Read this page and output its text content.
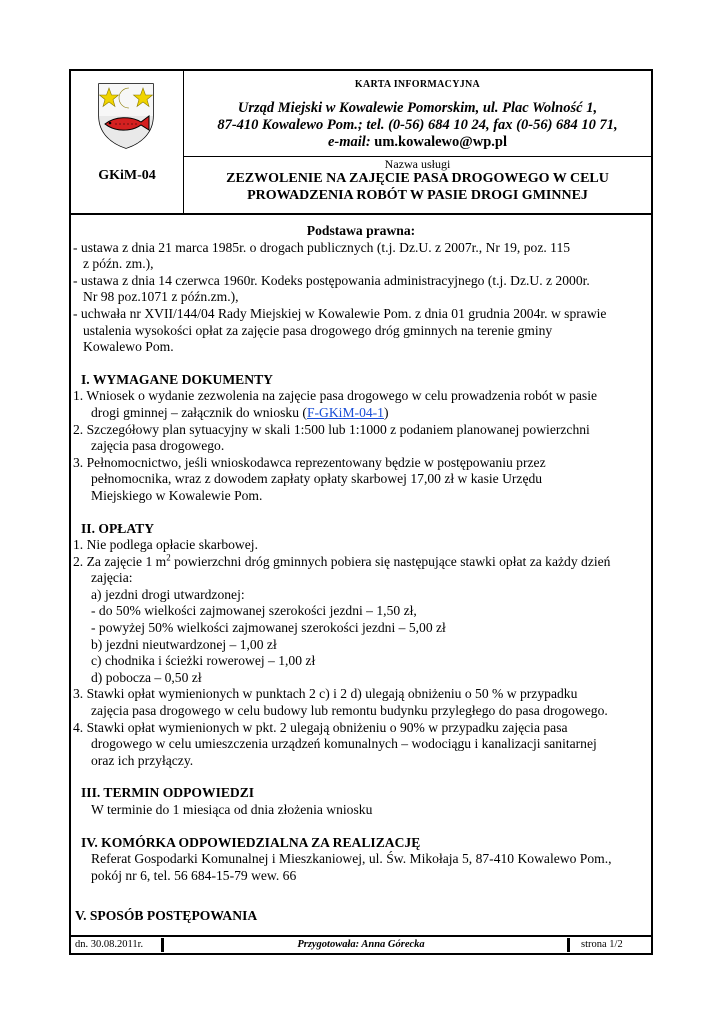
KARTA INFORMACYJNA
Urząd Miejski w Kowalewie Pomorskim, ul. Plac Wolność 1,
87-410 Kowalewo Pom.; tel. (0-56) 684 10 24, fax (0-56) 684 10 71,
e-mail: um.kowalewo@wp.pl
GKiM-04
Nazwa usługi
ZEZWOLENIE NA ZAJĘCIE PASA DROGOWEGO W CELU
PROWADZENIA ROBÓT W PASIE DROGI GMINNEJ

Podstawa prawna:

- ustawa z dnia 21 marca 1985r. o drogach publicznych (t.j. Dz.U. z 2007r., Nr 19, poz. 115

z późn. zm.),

- ustawa z dnia 14 czerwca 1960r. Kodeks postępowania administracyjnego (t.j. Dz.U. z 2000r.

Nr 98 poz.1071 z późn.zm.),

- uchwała nr XVII/144/04 Rady Miejskiej w Kowalewie Pom. z dnia 01 grudnia 2004r. w sprawie

ustalenia wysokości opłat za zajęcie pasa drogowego dróg gminnych na terenie gminy

Kowalewo Pom.

I. WYMAGANE DOKUMENTY

1. Wniosek o wydanie zezwolenia na zajęcie pasa drogowego w celu prowadzenia robót w pasie

drogi gminnej – załącznik do wniosku (F-GKiM-04-1)

2. Szczegółowy plan sytuacyjny w skali 1:500 lub 1:1000 z podaniem planowanej powierzchni

zajęcia pasa drogowego.

3. Pełnomocnictwo, jeśli wnioskodawca reprezentowany będzie w postępowaniu przez

pełnomocnika, wraz z dowodem zapłaty opłaty skarbowej 17,00 zł w kasie Urzędu

Miejskiego w Kowalewie Pom.

II. OPŁATY

1. Nie podlega opłacie skarbowej.

2. Za zajęcie 1 $m^2$ powierzchni dróg gminnych pobiera się następujące stawki opłat za każdy dzień

zajęcia:

a) jezdni drogi utwardzonej:

- do 50% wielkości zajmowanej szerokości jezdni – 1,50 zł,

- powyżej 50% wielkości zajmowanej szerokości jezdni – 5,00 zł

b) jezdni nieutwardzonej – 1,00 zł

c) chodnika i ścieżki rowerowej – 1,00 zł

d) pobocza – 0,50 zł

3. Stawki opłat wymienionych w punktach 2 c) i 2 d) ulegają obniżeniu o 50 % w przypadku

zajęcia pasa drogowego w celu budowy lub remontu budynku przyległego do pasa drogowego.

4. Stawki opłat wymienionych w pkt. 2 ulegają obniżeniu o 90% w przypadku zajęcia pasa

drogowego w celu umieszczenia urządzeń komunalnych – wodociągu i kanalizacji sanitarnej

oraz ich przyłączy.

III. TERMIN ODPOWIEDZI

W terminie do 1 miesiąca od dnia złożenia wniosku

IV. KOMÓRKA ODPOWIEDZIALNA ZA REALIZACJĘ

Referat Gospodarki Komunalnej i Mieszkaniowej, ul. Św. Mikołaja 5, 87-410 Kowalewo Pom.,

pokój nr 6, tel. 56 684-15-79 wew. 66

V. SPOSÓB POSTĘPOWANIA

dn. 30.08.2011r.	Przygotowała: Anna Górecka	strona 1/2
